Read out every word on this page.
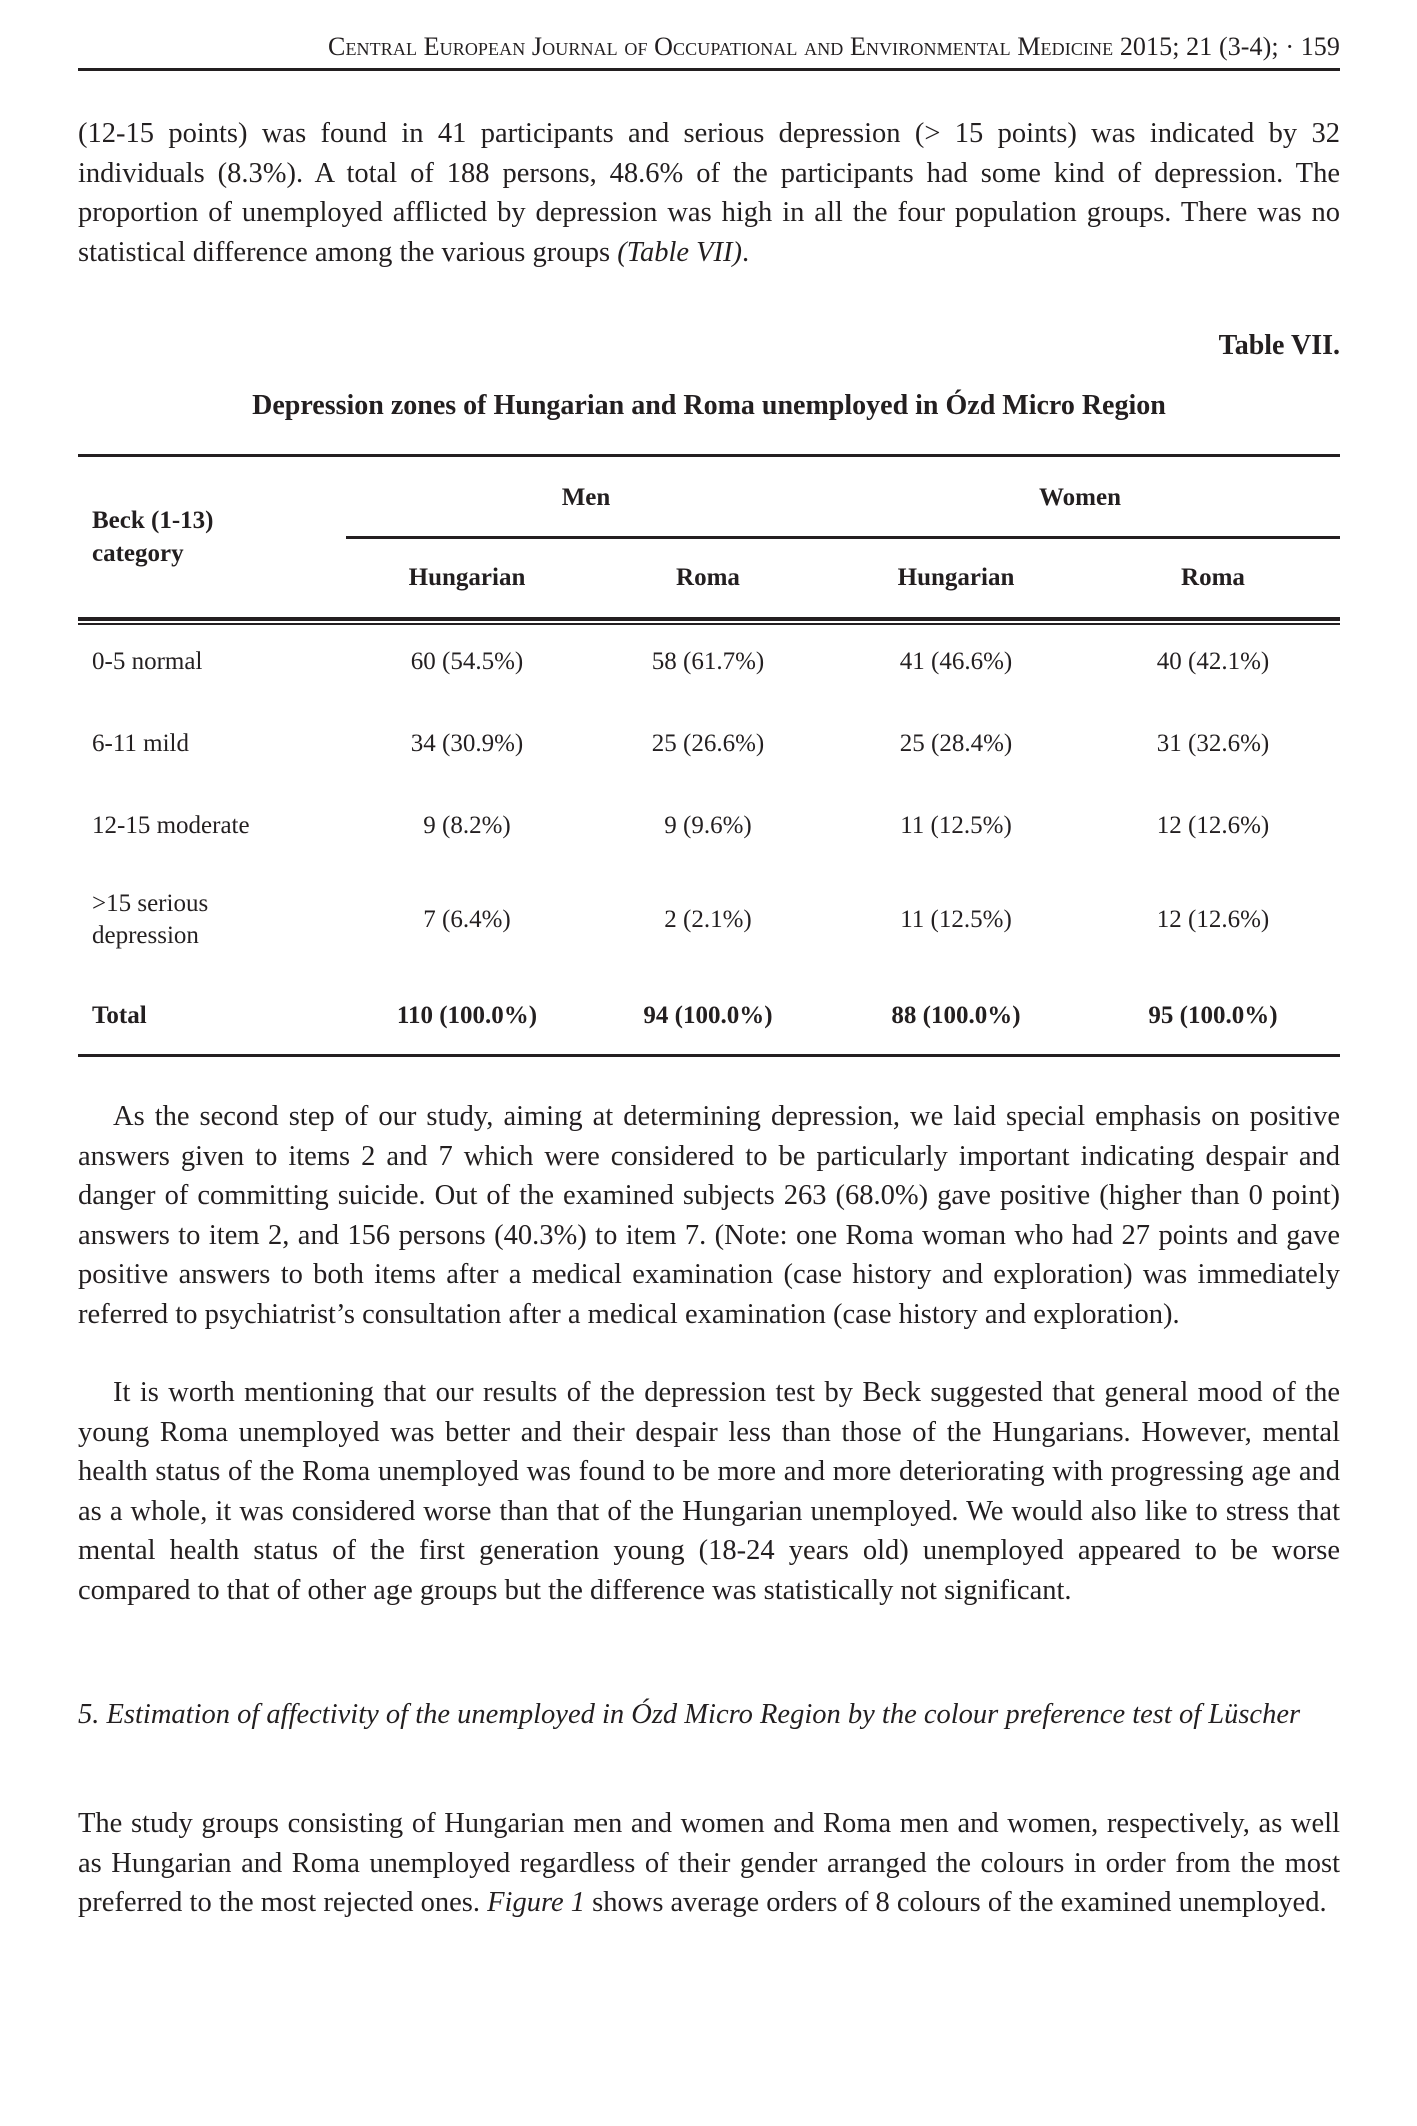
Central European Journal of Occupational and Environmental Medicine 2015; 21 (3-4); · 159

(12-15 points) was found in 41 participants and serious depression (> 15 points) was indicated by 32 individuals (8.3%). A total of 188 persons, 48.6% of the participants had some kind of depression. The proportion of unemployed afflicted by depression was high in all the four population groups. There was no statistical difference among the various groups (Table VII).

Table VII.
Depression zones of Hungarian and Roma unemployed in Ózd Micro Region
Beck (1-13)
category
Men	Women
Hungarian	Roma	Hungarian	Roma
0-5 normal	60 (54.5%)	58 (61.7%)	41 (46.6%)	40 (42.1%)
6-11 mild	34 (30.9%)	25 (26.6%)	25 (28.4%)	31 (32.6%)
12-15 moderate	9 (8.2%)	9 (9.6%)	11 (12.5%)	12 (12.6%)
>15 serious
depression
7 (6.4%)	2 (2.1%)	11 (12.5%)	12 (12.6%)
Total	110 (100.0%)	94 (100.0%)	88 (100.0%)	95 (100.0%)

As the second step of our study, aiming at determining depression, we laid special emphasis on positive answers given to items 2 and 7 which were considered to be particularly important indicating despair and danger of committing suicide. Out of the examined subjects 263 (68.0%) gave positive (higher than 0 point) answers to item 2, and 156 persons (40.3%) to item 7. (Note: one Roma woman who had 27 points and gave positive answers to both items after a medical examination (case history and exploration) was immediately referred to psychiatrist’s consultation after a medical examination (case history and exploration).

It is worth mentioning that our results of the depression test by Beck suggested that general mood of the young Roma unemployed was better and their despair less than those of the Hungarians. However, mental health status of the Roma unemployed was found to be more and more deteriorating with progressing age and as a whole, it was considered worse than that of the Hungarian unemployed. We would also like to stress that mental health status of the first generation young (18-24 years old) unemployed appeared to be worse compared to that of other age groups but the difference was statistically not significant.

5. Estimation of affectivity of the unemployed in Ózd Micro Region by the colour preference test of Lüscher

The study groups consisting of Hungarian men and women and Roma men and women, respectively, as well as Hungarian and Roma unemployed regardless of their gender arranged the colours in order from the most preferred to the most rejected ones. Figure 1 shows average orders of 8 colours of the examined unemployed.
